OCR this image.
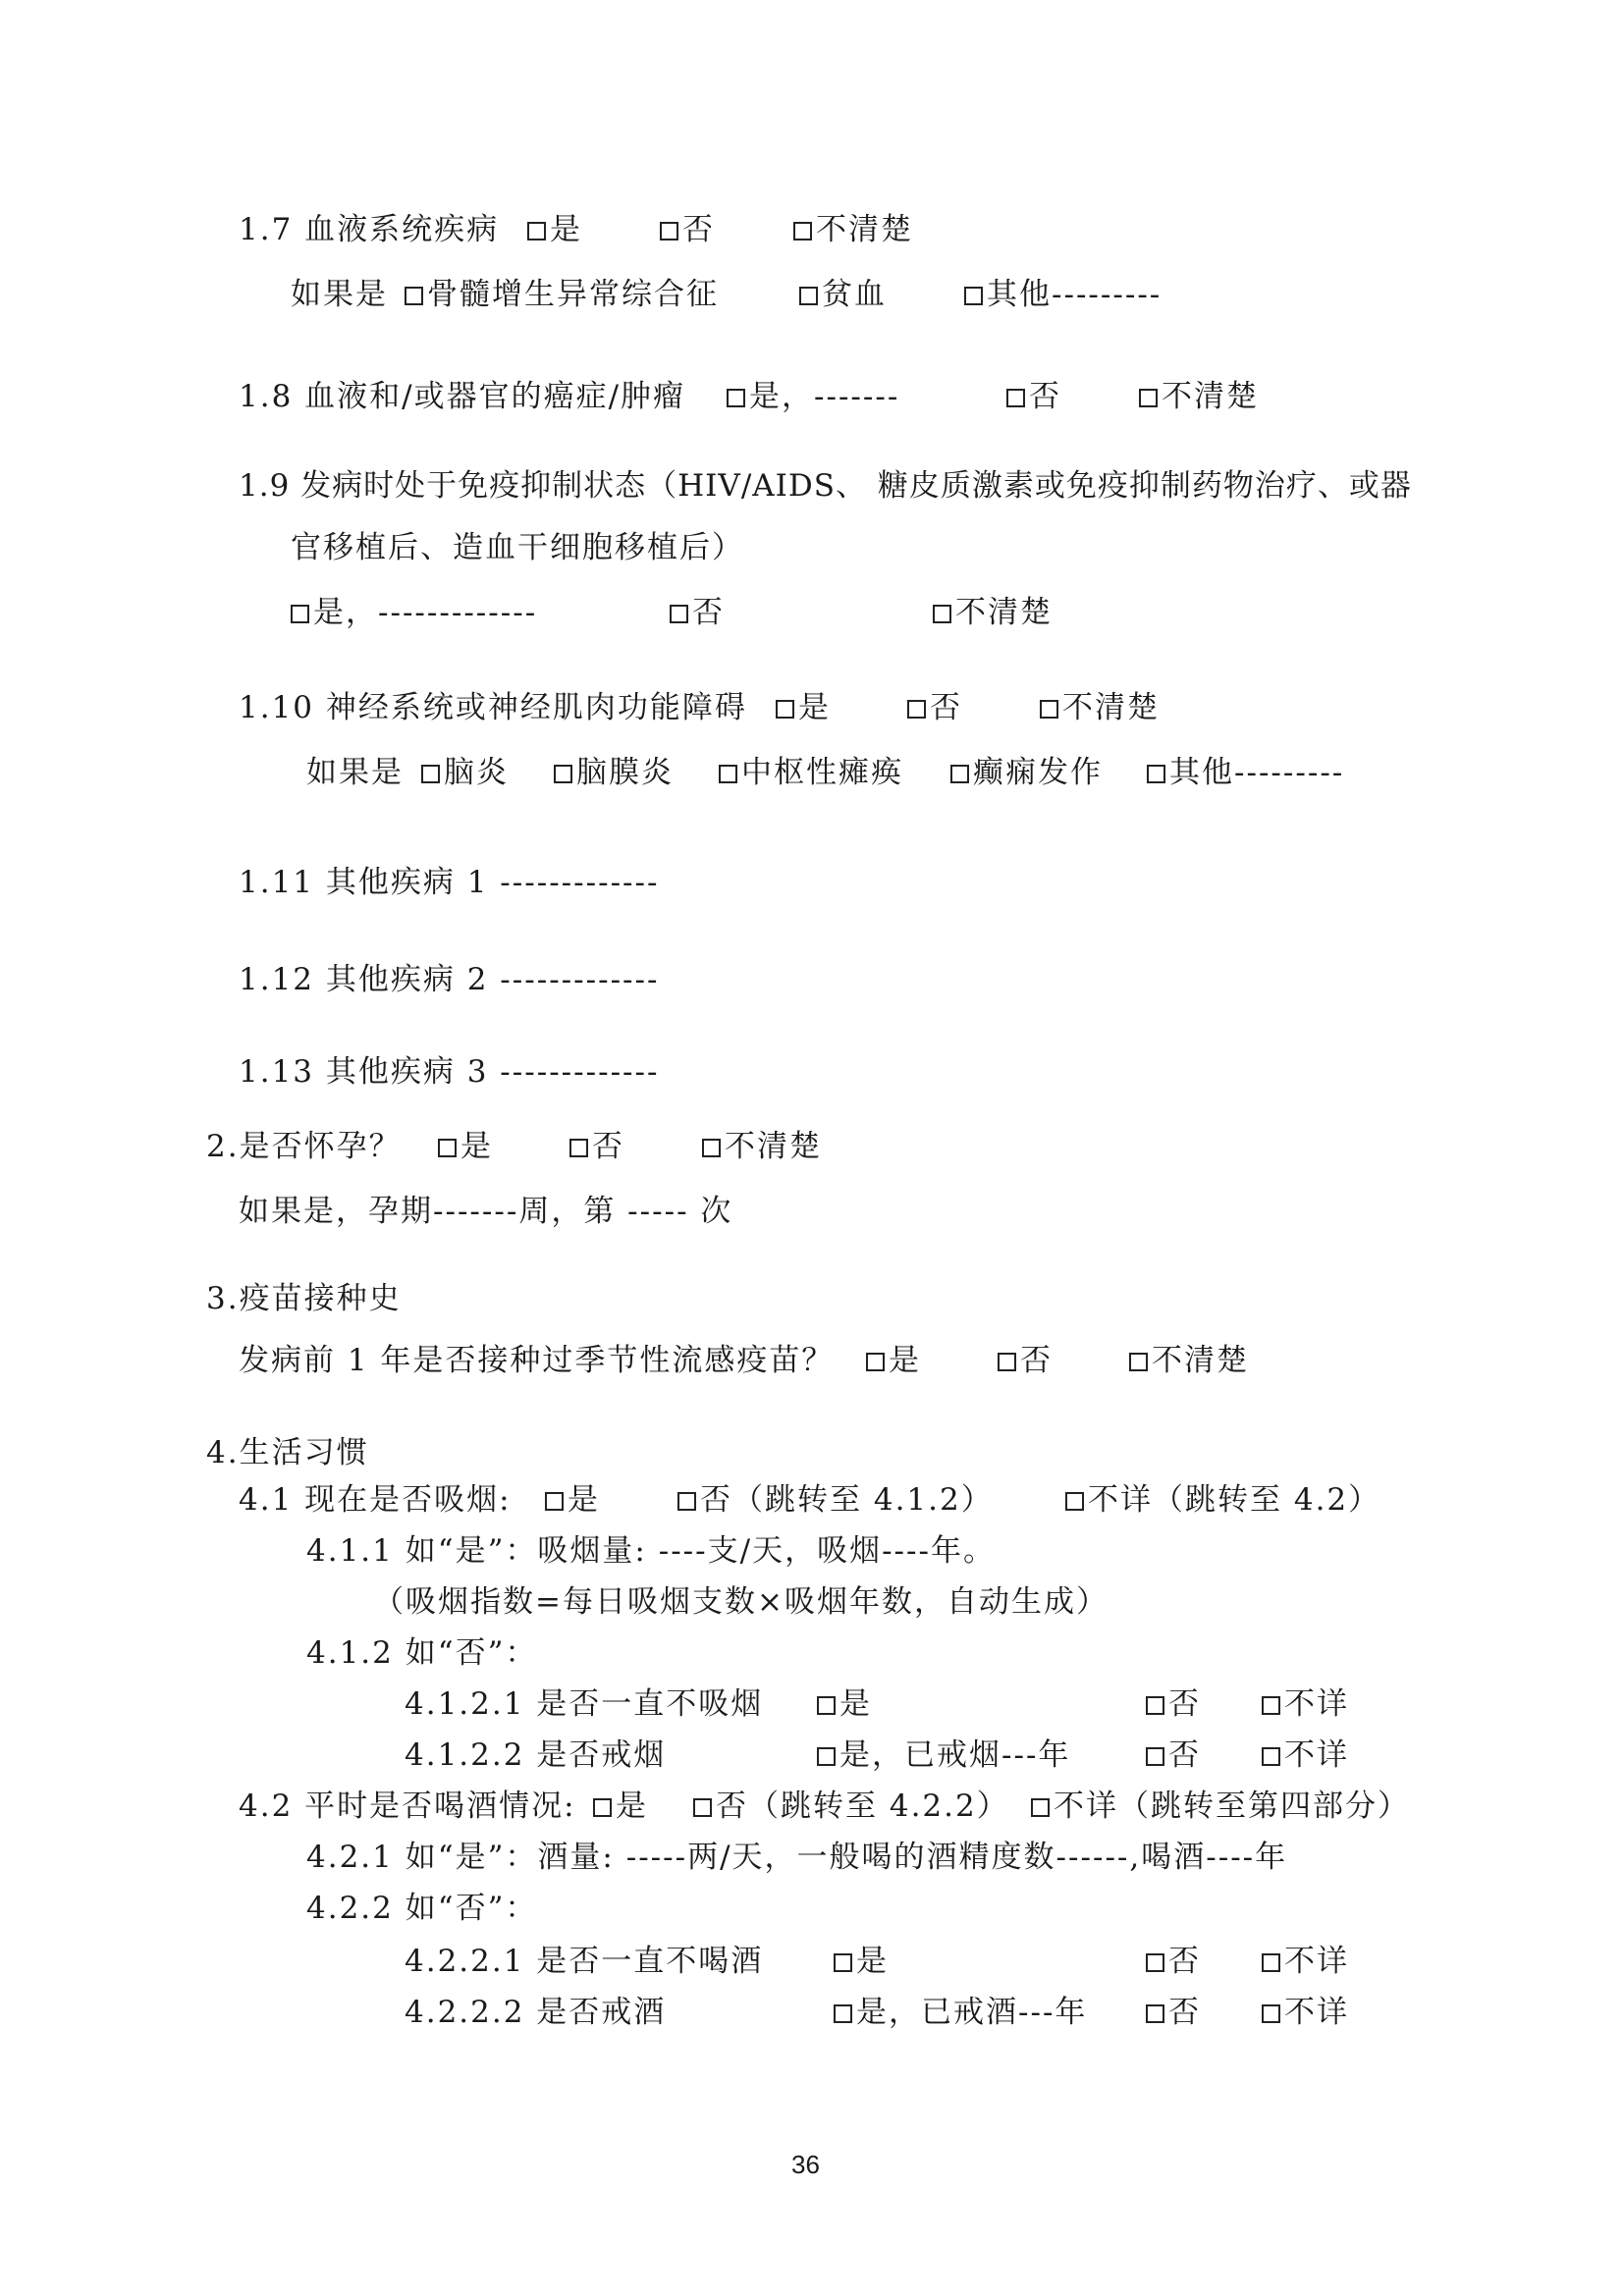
1.7 血液系统疾病	是	否	不清楚
如果是	骨髓增生异常综合征	贫血	其他---------
1.8 血液和/或器官的癌症/肿瘤	是，-------	否	不清楚
1.9 发病时处于免疫抑制状态（HIV/AIDS、 糖皮质激素或免疫抑制药物治疗、或器
官移植后、造血干细胞移植后）
是，-------------	否	不清楚
1.10 神经系统或神经肌肉功能障碍	是	否	不清楚
如果是	脑炎	脑膜炎	中枢性瘫痪	癫痫发作	其他---------
1.11 其他疾病 1 -------------
1.12 其他疾病 2 -------------
1.13 其他疾病 3 -------------
2.是否怀孕？	是	否	不清楚
如果是，孕期-------周，第 ----- 次
3.疫苗接种史
发病前 1 年是否接种过季节性流感疫苗？	是	否	不清楚
4.生活习惯
4.1 现在是否吸烟:	是	否（跳转至 4.1.2）	不详（跳转至 4.2）
4.1.1 如“是”：吸烟量: ----支/天，吸烟----年。
（吸烟指数=每日吸烟支数×吸烟年数，自动生成）
4.1.2 如“否”：
4.1.2.1 是否一直不吸烟	是	否	不详
4.1.2.2 是否戒烟	是，已戒烟---年	否	不详
4.2 平时是否喝酒情况:	是	否（跳转至 4.2.2）	不详（跳转至第四部分）
4.2.1 如“是”：酒量: -----两/天，一般喝的酒精度数------,喝酒----年
4.2.2 如“否”：
4.2.2.1 是否一直不喝酒	是	否	不详
4.2.2.2 是否戒酒	是，已戒酒---年	否	不详
36
